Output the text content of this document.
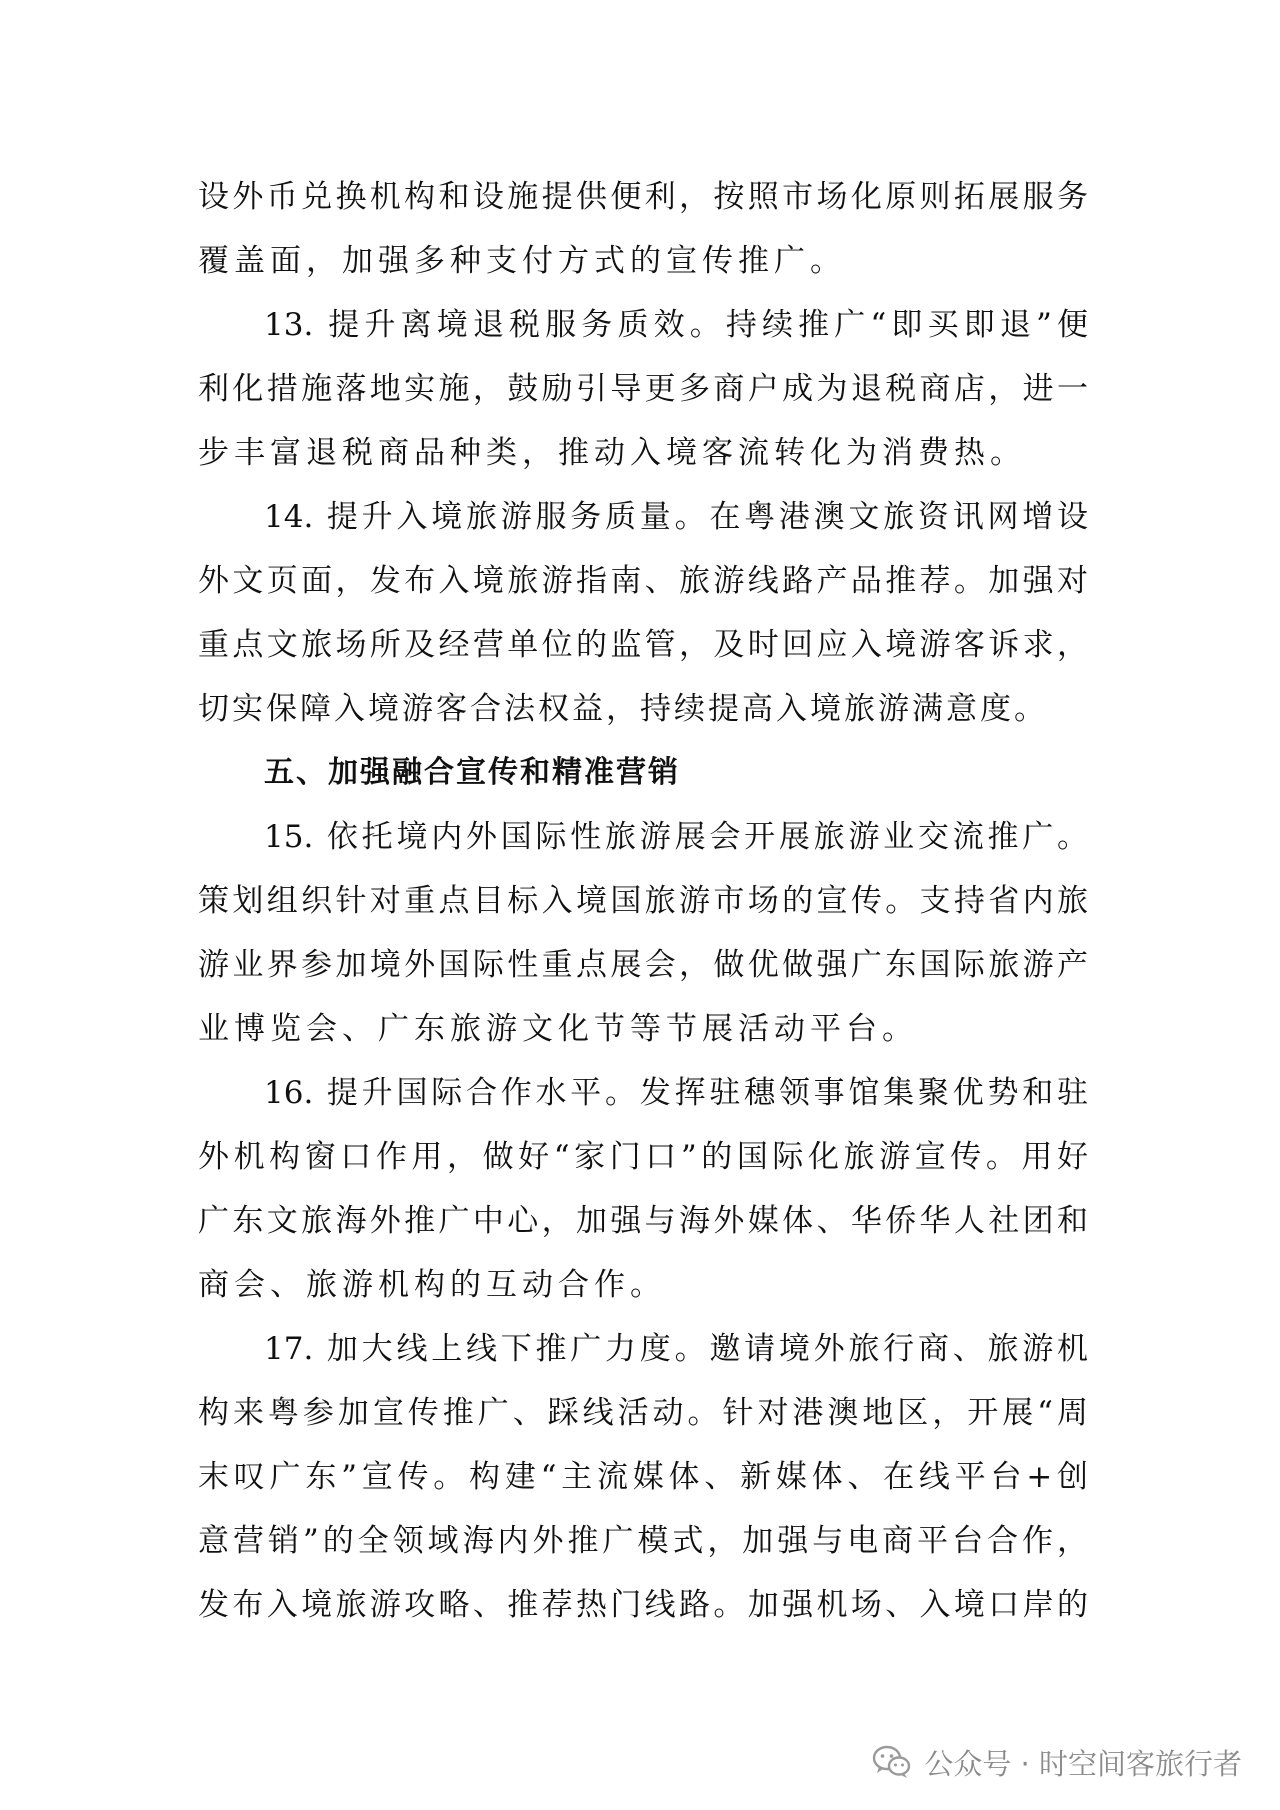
设外币兑换机构和设施提供便利，按照市场化原则拓展服务
覆盖面，加强多种支付方式的宣传推广。
13. 提升离境退税服务质效。持续推广“即买即退”便
利化措施落地实施，鼓励引导更多商户成为退税商店，进一
步丰富退税商品种类，推动入境客流转化为消费热。
14. 提升入境旅游服务质量。在粤港澳文旅资讯网增设
外文页面，发布入境旅游指南、旅游线路产品推荐。加强对
重点文旅场所及经营单位的监管，及时回应入境游客诉求，
切实保障入境游客合法权益，持续提高入境旅游满意度。
五、加强融合宣传和精准营销
15. 依托境内外国际性旅游展会开展旅游业交流推广。
策划组织针对重点目标入境国旅游市场的宣传。支持省内旅
游业界参加境外国际性重点展会，做优做强广东国际旅游产
业博览会、广东旅游文化节等节展活动平台。
16. 提升国际合作水平。发挥驻穗领事馆集聚优势和驻
外机构窗口作用，做好“家门口”的国际化旅游宣传。用好
广东文旅海外推广中心，加强与海外媒体、华侨华人社团和
商会、旅游机构的互动合作。
17. 加大线上线下推广力度。邀请境外旅行商、旅游机
构来粤参加宣传推广、踩线活动。针对港澳地区，开展“周
末叹广东”宣传。构建“主流媒体、新媒体、在线平台+创
意营销”的全领域海内外推广模式，加强与电商平台合作，
发布入境旅游攻略、推荐热门线路。加强机场、入境口岸的
公众号 · 时空间客旅行者
